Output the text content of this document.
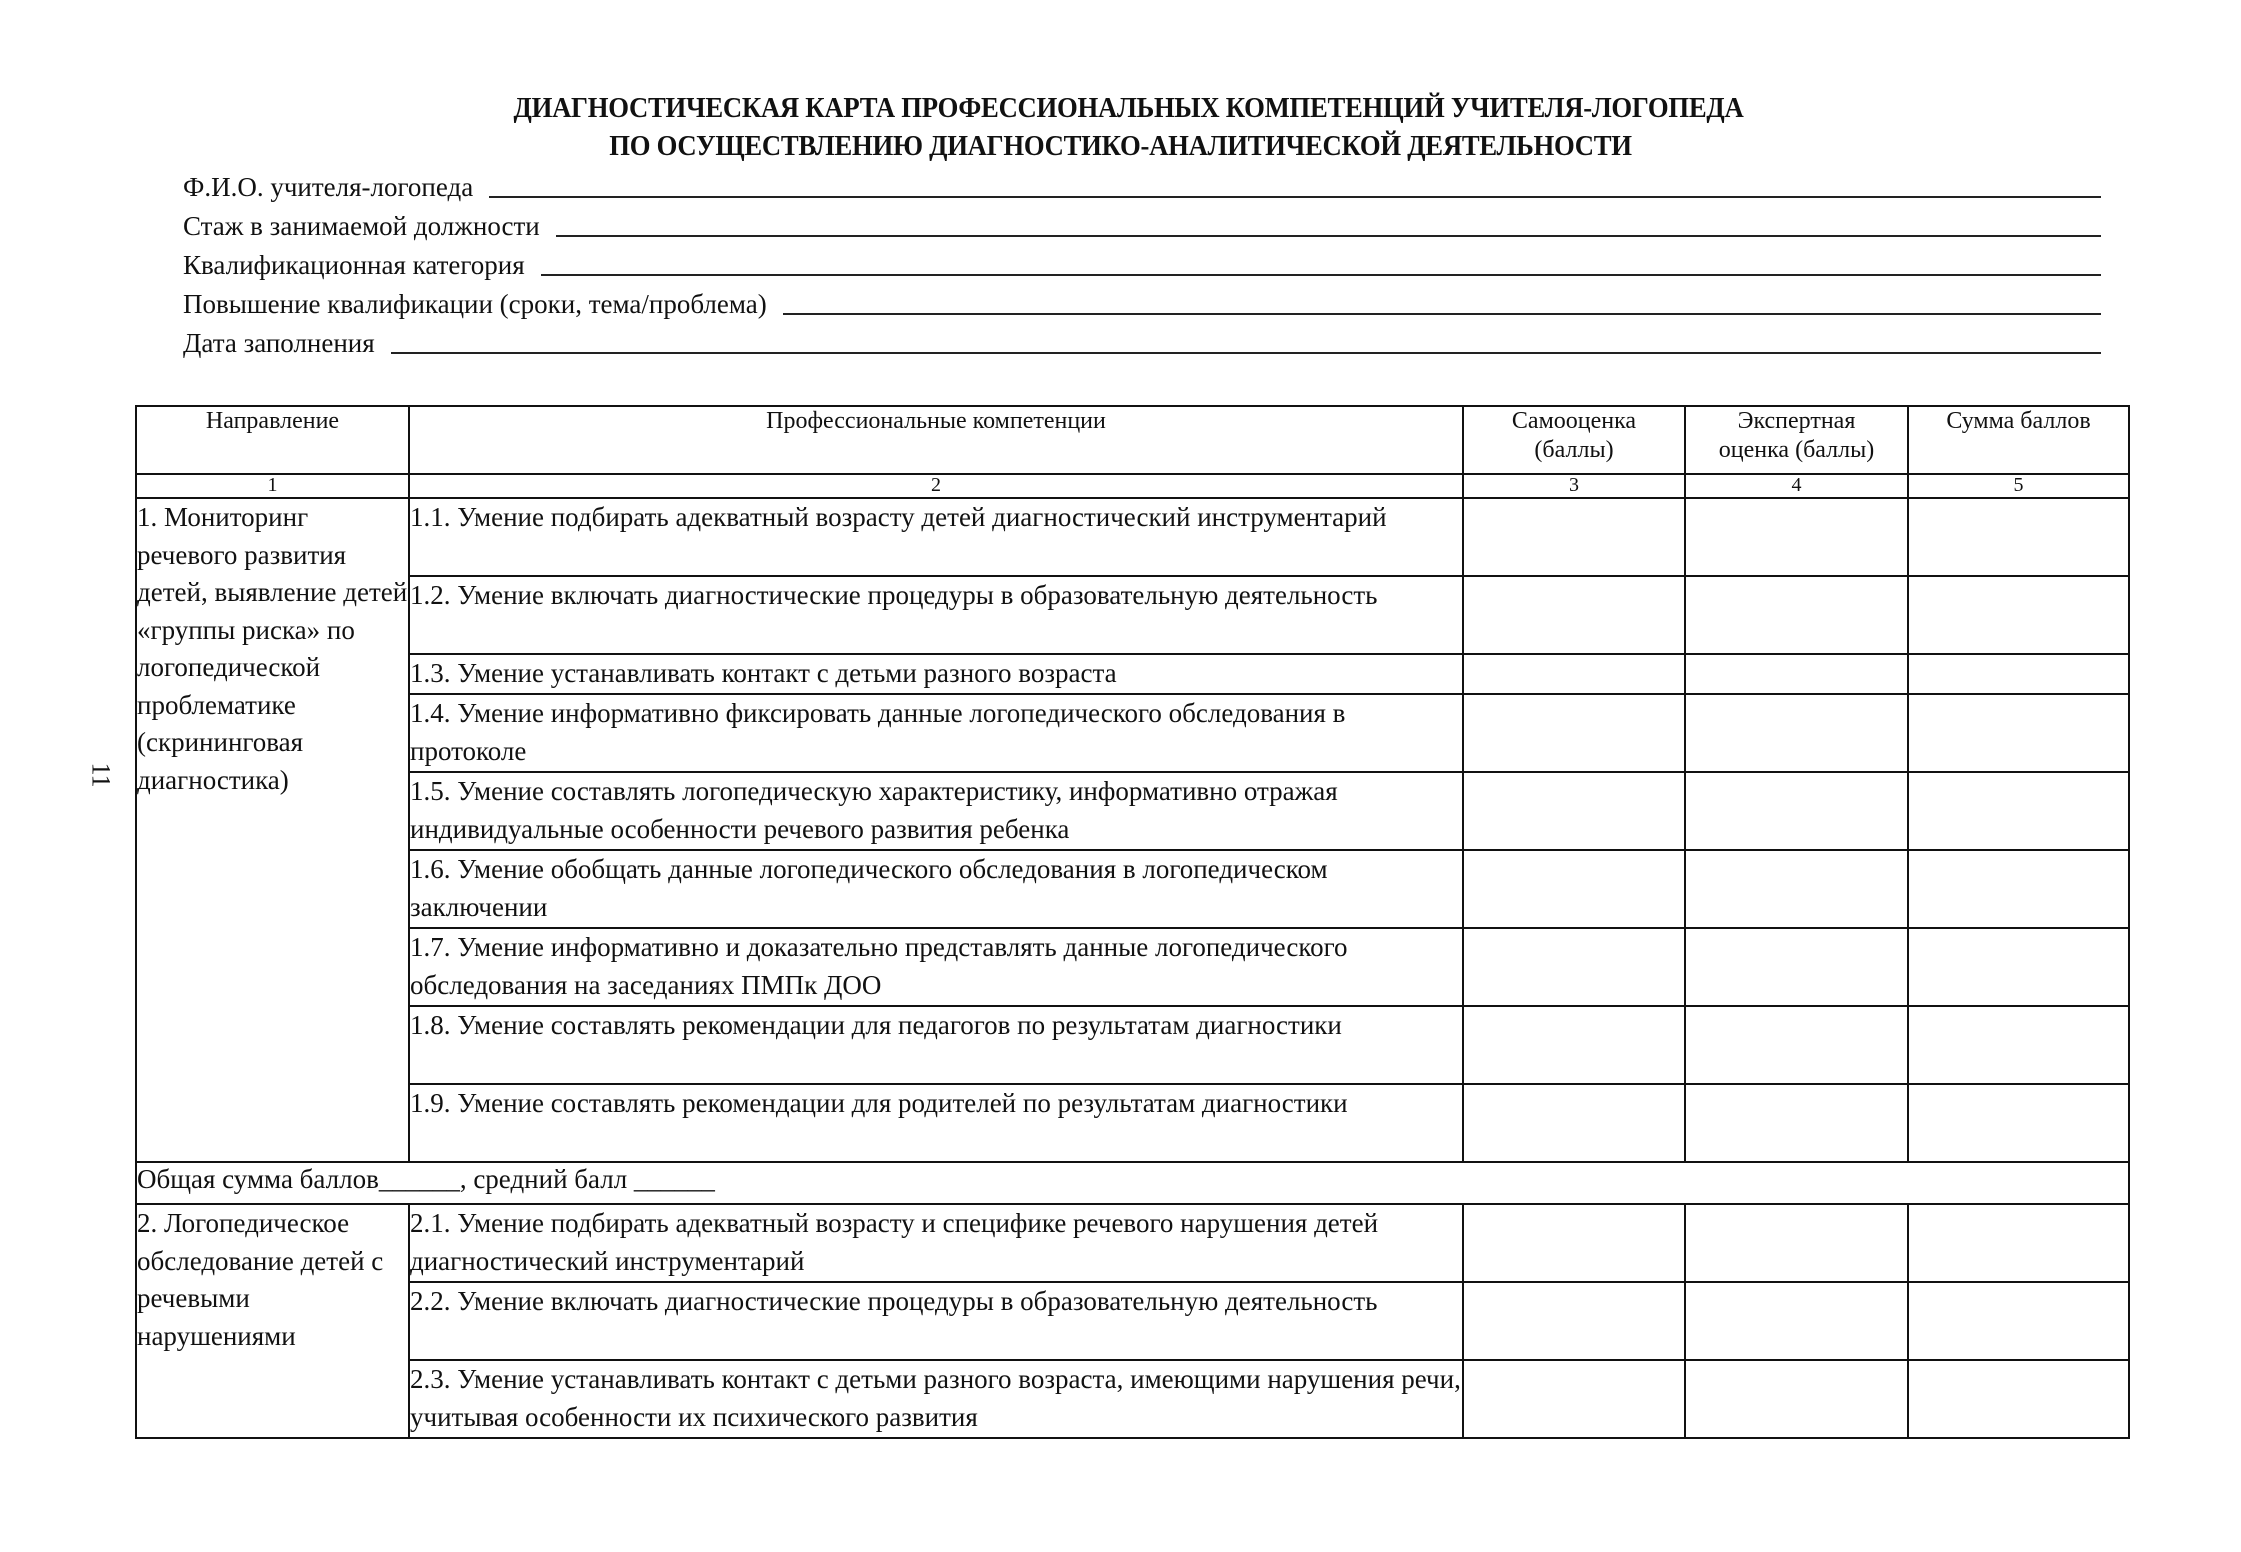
ДИАГНОСТИЧЕСКАЯ КАРТА ПРОФЕССИОНАЛЬНЫХ КОМПЕТЕНЦИЙ УЧИТЕЛЯ-ЛОГОПЕДА
ПО ОСУЩЕСТВЛЕНИЮ ДИАГНОСТИКО-АНАЛИТИЧЕСКОЙ ДЕЯТЕЛЬНОСТИ
Ф.И.О. учителя-логопеда
Стаж в занимаемой должности
Квалификационная категория
Повышение квалификации (сроки, тема/проблема)
Дата заполнения
11
Направление	Профессиональные компетенции	Самооценка (баллы)	Экспертная оценка (баллы)	Сумма баллов
1	2	3	4	5
1. Мониторинг речевого развития детей, выявление детей «группы риска» по логопедической проблематике (скрининговая диагностика)	1.1. Умение подбирать адекватный возрасту детей диагностический инструментарий			
	1.2. Умение включать диагностические процедуры в образовательную деятельность			
	1.3. Умение устанавливать контакт с детьми разного возраста			
	1.4. Умение информативно фиксировать данные логопедического обследования в протоколе			
	1.5. Умение составлять логопедическую характеристику, информативно отражая индивидуальные особенности речевого развития ребенка			
	1.6. Умение обобщать данные логопедического обследования в логопедическом заключении			
	1.7. Умение информативно и доказательно представлять данные логопедического обследования на заседаниях ПМПк ДОО			
	1.8. Умение составлять рекомендации для педагогов по результатам диагностики			
	1.9. Умение составлять рекомендации для родителей по результатам диагностики			
Общая сумма баллов______, средний балл ______				
2. Логопедическое обследование детей с речевыми нарушениями	2.1. Умение подбирать адекватный возрасту и специфике речевого нарушения детей диагностический инструментарий			
	2.2. Умение включать диагностические процедуры в образовательную деятельность			
	2.3. Умение устанавливать контакт с детьми разного возраста, имеющими нарушения речи, учитывая особенности их психического развития			
